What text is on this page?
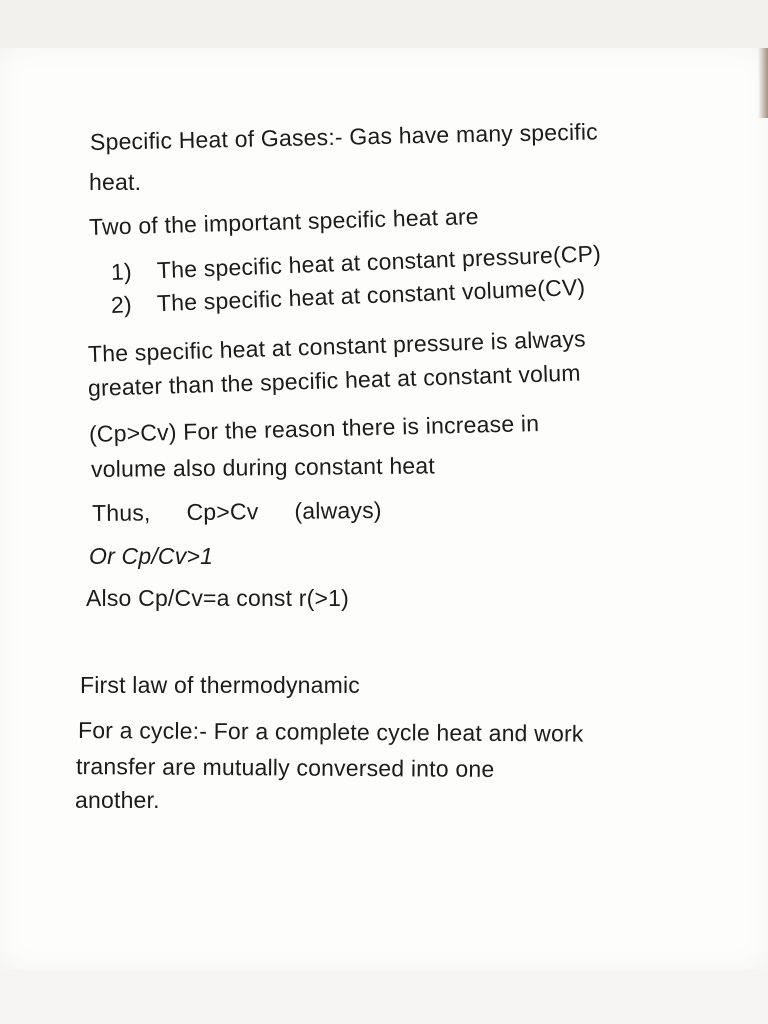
Specific Heat of Gases:- Gas have many specific

heat.

Two of the important specific heat are

1) The specific heat at constant pressure(CP)

2) The specific heat at constant volume(CV)

The specific heat at constant pressure is always

greater than the specific heat at constant volum

(Cp>Cv) For the reason there is increase in

volume also during constant heat

Thus, Cp>Cv (always)

Or Cp/Cv>1

Also Cp/Cv=a const r(>1)

First law of thermodynamic

For a cycle:- For a complete cycle heat and work

transfer are mutually conversed into one

another.
